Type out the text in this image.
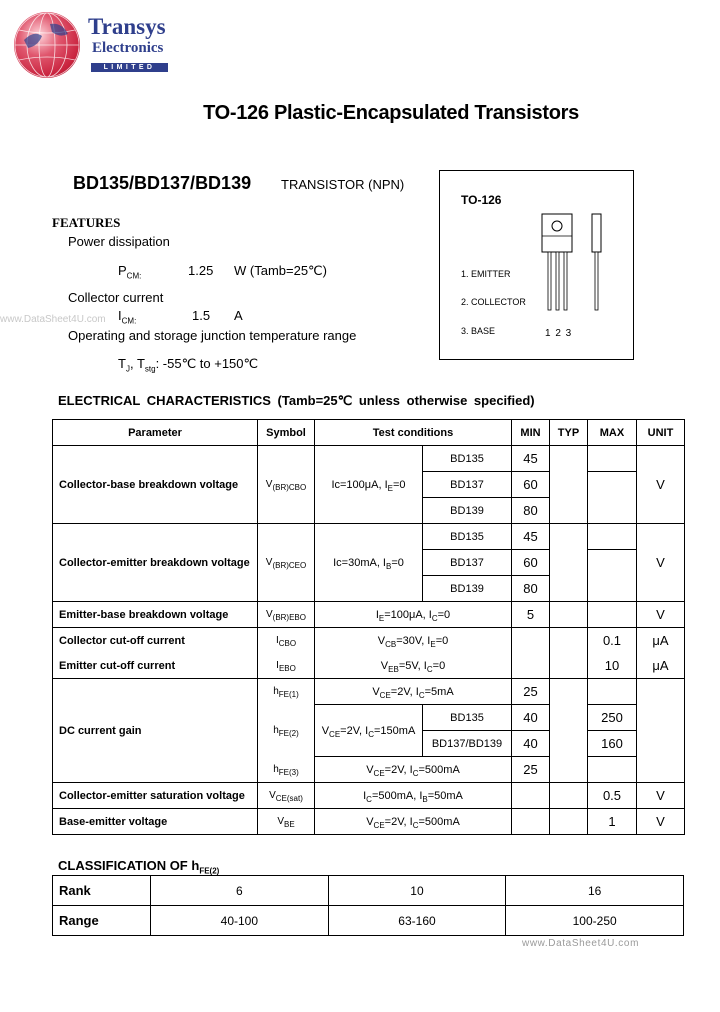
Transys
Electronics
LIMITED
TO-126 Plastic-Encapsulated Transistors
BD135/BD137/BD139 TRANSISTOR (NPN)
FEATURES
Power dissipation
$P_{CM:}$	1.25 W (Tamb=25℃)
Collector current
$I_{CM:}$	1.5 A
Operating and storage junction temperature range
$T_J$, $T_{stg}$: -55℃ to +150℃
TO-126
1. EMITTER
2. COLLECTOR
3. BASE	1 2 3
ELECTRICAL CHARACTERISTICS (Tamb=25℃ unless otherwise specified)
Parameter	Symbol	Test conditions		MIN	TYP	MAX	UNIT
Collector-base breakdown voltage	$V_{(BR)CBO}$	Ic=100μA, $I_E=0$	BD135	45			V
			BD137	60			
			BD139	80			
Collector-emitter breakdown voltage	$V_{(BR)CEO}$	Ic=30mA, $I_B=0$	BD135	45			V
			BD137	60			
			BD139	80			
Emitter-base breakdown voltage	$V_{(BR)EBO}$	$I_E=100\mu A$, $I_C=0$		5			V
Collector cut-off current	$I_{CBO}$	$V_{CB}=30V$, $I_E=0$				0.1	μA
Emitter cut-off current	$I_{EBO}$	$V_{EB}=5V$, $I_C=0$				10	μA
DC current gain	$h_{FE(1)}$	$V_{CE}=2V$, $I_C=5mA$		25			
	$h_{FE(2)}$	$V_{CE}=2V$, $I_C=150mA$	BD135	40		250	
			BD137/BD139	40		160	
	$h_{FE(3)}$	$V_{CE}=2V$, $I_C=500mA$		25			
Collector-emitter saturation voltage	$V_{CE(sat)}$	$I_C=500mA$, $I_B=50mA$				0.5	V
Base-emitter voltage	$V_{BE}$	$V_{CE}=2V$, $I_C=500mA$				1	V
CLASSIFICATION OF $h_{FE(2)}$
Rank	6	10	16
Range	40-100	63-160	100-250
www.DataSheet4U.com
www.DataSheet4U.com
